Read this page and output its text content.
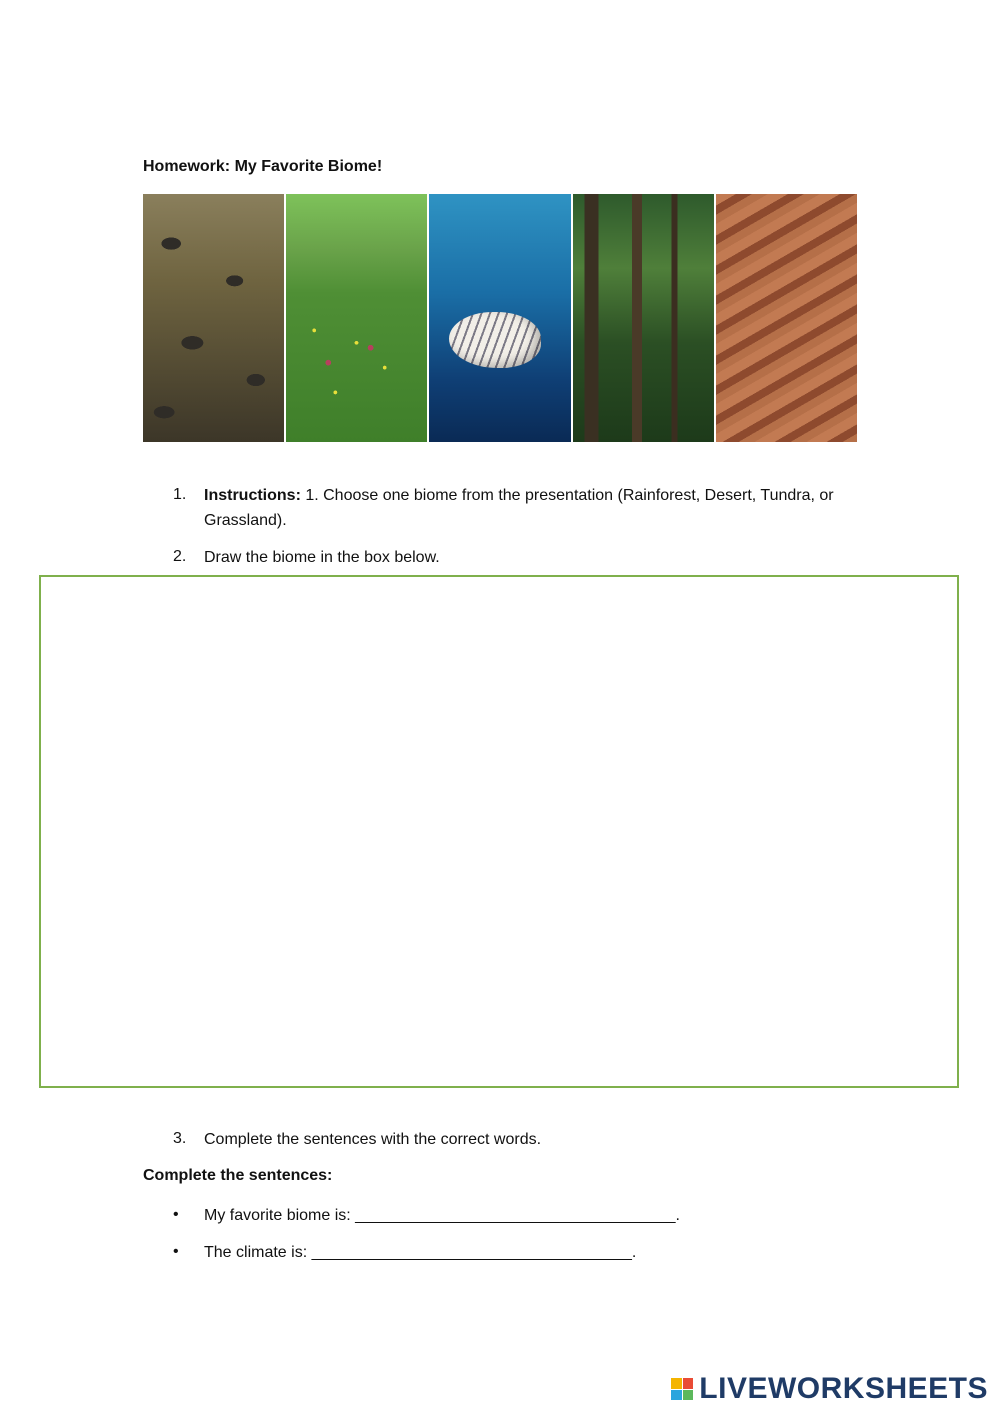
Homework: My Favorite Biome!
1. Instructions: 1. Choose one biome from the presentation (Rainforest, Desert, Tundra, or Grassland).
2. Draw the biome in the box below.
3. Complete the sentences with the correct words.
Complete the sentences:
• My favorite biome is: ____________________________________.
• The climate is: ____________________________________.
LIVEWORKSHEETS
